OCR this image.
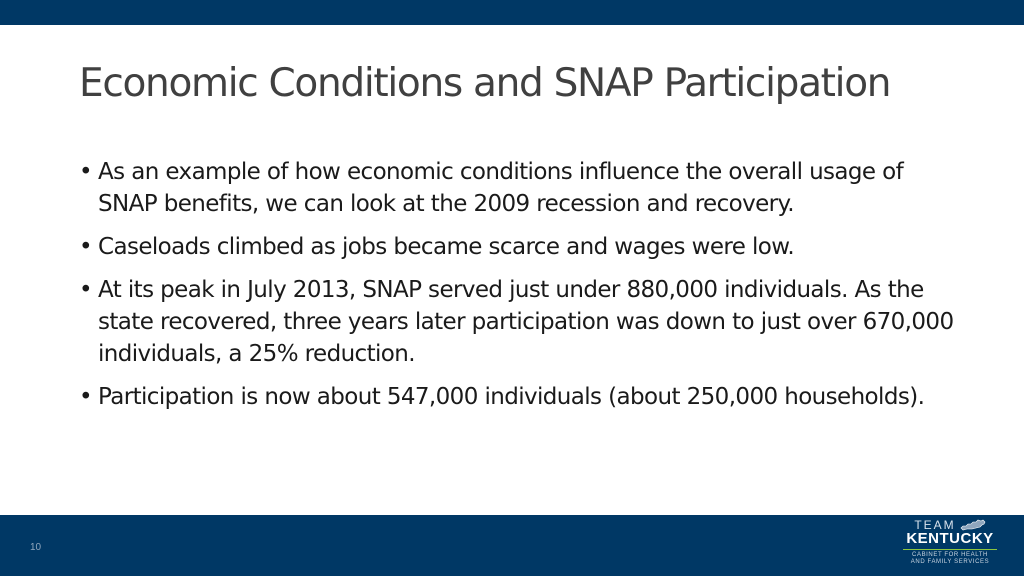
Economic Conditions and SNAP Participation
• As an example of how economic conditions influence the overall usage of SNAP benefits, we can look at the 2009 recession and recovery.
• Caseloads climbed as jobs became scarce and wages were low.
• At its peak in July 2013, SNAP served just under 880,000 individuals. As the state recovered, three years later participation was down to just over 670,000 individuals, a 25% reduction.
• Participation is now about 547,000 individuals (about 250,000 households).
10
TEAM
KENTUCKY
CABINET FOR HEALTH
AND FAMILY SERVICES
